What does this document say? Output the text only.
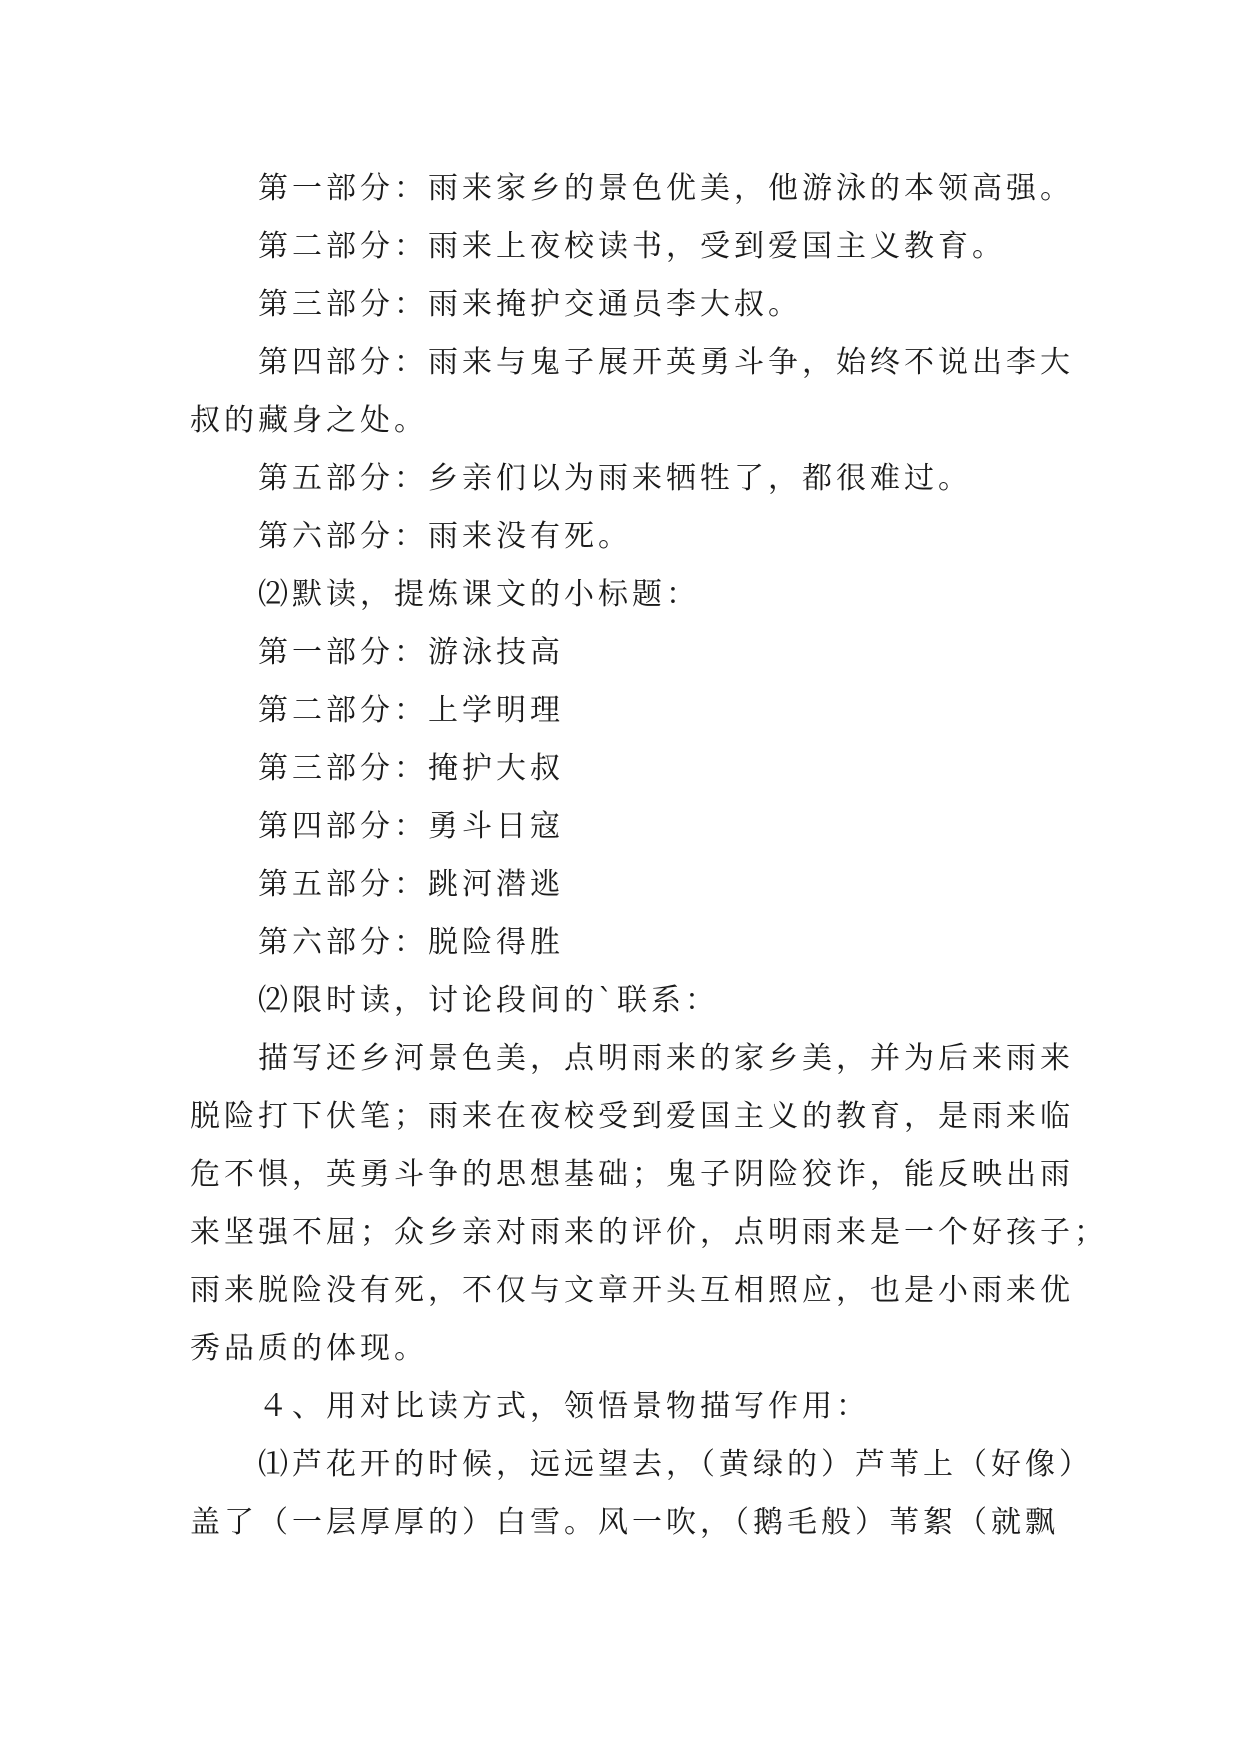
第一部分：雨来家乡的景色优美，他游泳的本领高强。
第二部分：雨来上夜校读书，受到爱国主义教育。
第三部分：雨来掩护交通员李大叔。
第四部分：雨来与鬼子展开英勇斗争，始终不说出李大
叔的藏身之处。
第五部分：乡亲们以为雨来牺牲了，都很难过。
第六部分：雨来没有死。
⑵默读，提炼课文的小标题：
第一部分：游泳技高
第二部分：上学明理
第三部分：掩护大叔
第四部分：勇斗日寇
第五部分：跳河潜逃
第六部分：脱险得胜
⑵限时读，讨论段间的`联系：
描写还乡河景色美，点明雨来的家乡美，并为后来雨来
脱险打下伏笔；雨来在夜校受到爱国主义的教育，是雨来临
危不惧，英勇斗争的思想基础；鬼子阴险狡诈，能反映出雨
来坚强不屈；众乡亲对雨来的评价，点明雨来是一个好孩子；
雨来脱险没有死，不仅与文章开头互相照应，也是小雨来优
秀品质的体现。
４、用对比读方式，领悟景物描写作用：
⑴芦花开的时候，远远望去，（黄绿的）芦苇上（好像）
盖了（一层厚厚的）白雪。风一吹，（鹅毛般）苇絮（就飘
